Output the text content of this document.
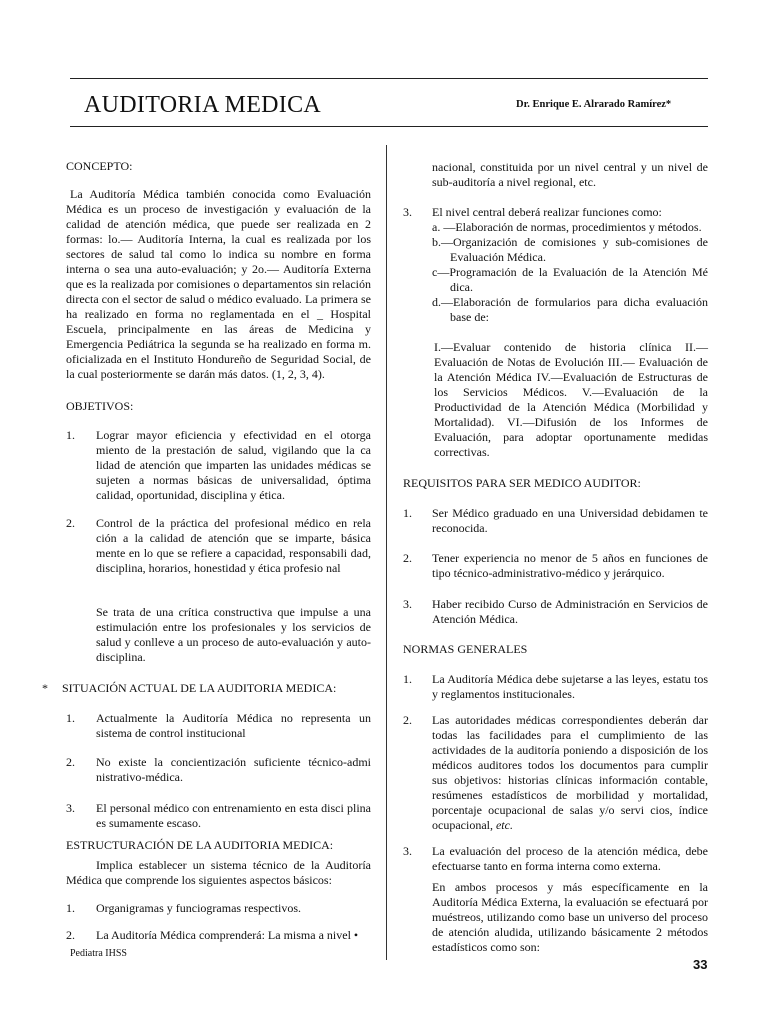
AUDITORIA MEDICA	Dr. Enrique E. Alrarado Ramírez*
CONCEPTO:
La Auditoría Médica también conocida como Evaluación Médica es un proceso de investigación y evaluación de la calidad de atención médica, que puede ser realizada en 2 formas: lo.— Auditoría Interna, la cual es realizada por los sectores de salud tal como lo indica su nombre en forma interna o sea una auto-evaluación; y 2o.— Auditoría Externa que es la realizada por comisiones o departamentos sin relación directa con el sector de salud o médico evaluado. La primera se ha realizado en forma no reglamentada en el _ Hospital Escuela, principalmente en las áreas de Medicina y Emergencia Pediátrica la segunda se ha realizado en forma m. oficializada en el Instituto Hondureño de Seguridad Social, de la cual posteriormente se darán más datos. (1, 2, 3, 4).
OBJETIVOS:
1. Lograr mayor eficiencia y efectividad en el otorga miento de la prestación de salud, vigilando que la ca lidad de atención que imparten las unidades médicas se sujeten a normas básicas de universalidad, óptima calidad, oportunidad, disciplina y ética.
2. Control de la práctica del profesional médico en rela ción a la calidad de atención que se imparte, básica mente en lo que se refiere a capacidad, responsabili dad, disciplina, horarios, honestidad y ética profesio nal
Se trata de una crítica constructiva que impulse a una estimulación entre los profesionales y los servicios de salud y conlleve a un proceso de auto-evaluación y auto-disciplina.
* SITUACIÓN ACTUAL DE LA AUDITORIA MEDICA:
1. Actualmente la Auditoría Médica no representa un sistema de control institucional
2. No existe la concientización suficiente técnico-admi nistrativo-médica.
3. El personal médico con entrenamiento en esta disci plina es sumamente escaso.
ESTRUCTURACIÓN DE LA AUDITORIA MEDICA:
Implica establecer un sistema técnico de la Auditoría Médica que comprende los siguientes aspectos básicos:
1. Organigramas y funciogramas respectivos.
2. La Auditoría Médica comprenderá: La misma a nivel •
nacional, constituida por un nivel central y un nivel de sub-auditoría a nivel regional, etc.
3. El nivel central deberá realizar funciones como:
a. —Elaboración de normas, procedimientos y métodos.
b.—Organización de comisiones y sub-comisiones de Evaluación Médica.
c—Programación de la Evaluación de la Atención Mé dica.
d.—Elaboración de formularios para dicha evaluación base de:
I.—Evaluar contenido de historia clínica II.— Evaluación de Notas de Evolución III.— Evaluación de la Atención Médica IV.—Evaluación de Estructuras de los Servicios Médicos. V.—Evaluación de la Productividad de la Atención Médica (Morbilidad y Mortalidad). VI.—Difusión de los Informes de Evaluación, para adoptar oportunamente medidas correctivas.
REQUISITOS PARA SER MEDICO AUDITOR:
1. Ser Médico graduado en una Universidad debidamen te reconocida.
2. Tener experiencia no menor de 5 años en funciones de tipo técnico-administrativo-médico y jerárquico.
3. Haber recibido Curso de Administración en Servicios de Atención Médica.
NORMAS GENERALES
1. La Auditoría Médica debe sujetarse a las leyes, estatu tos y reglamentos institucionales.
2. Las autoridades médicas correspondientes deberán dar todas las facilidades para el cumplimiento de las actividades de la auditoría poniendo a disposición de los médicos auditores todos los documentos para cumplir sus objetivos: historias clínicas información contable, resúmenes estadísticos de morbilidad y mortalidad, porcentaje ocupacional de salas y/o servi cios, índice ocupacional, etc.
3. La evaluación del proceso de la atención médica, debe efectuarse tanto en forma interna como externa.
En ambos procesos y más específicamente en la Auditoría Médica Externa, la evaluación se efectuará por muéstreos, utilizando como base un universo del proceso de atención aludida, utilizando básicamente 2 métodos estadísticos como son:
Pediatra IHSS
33
